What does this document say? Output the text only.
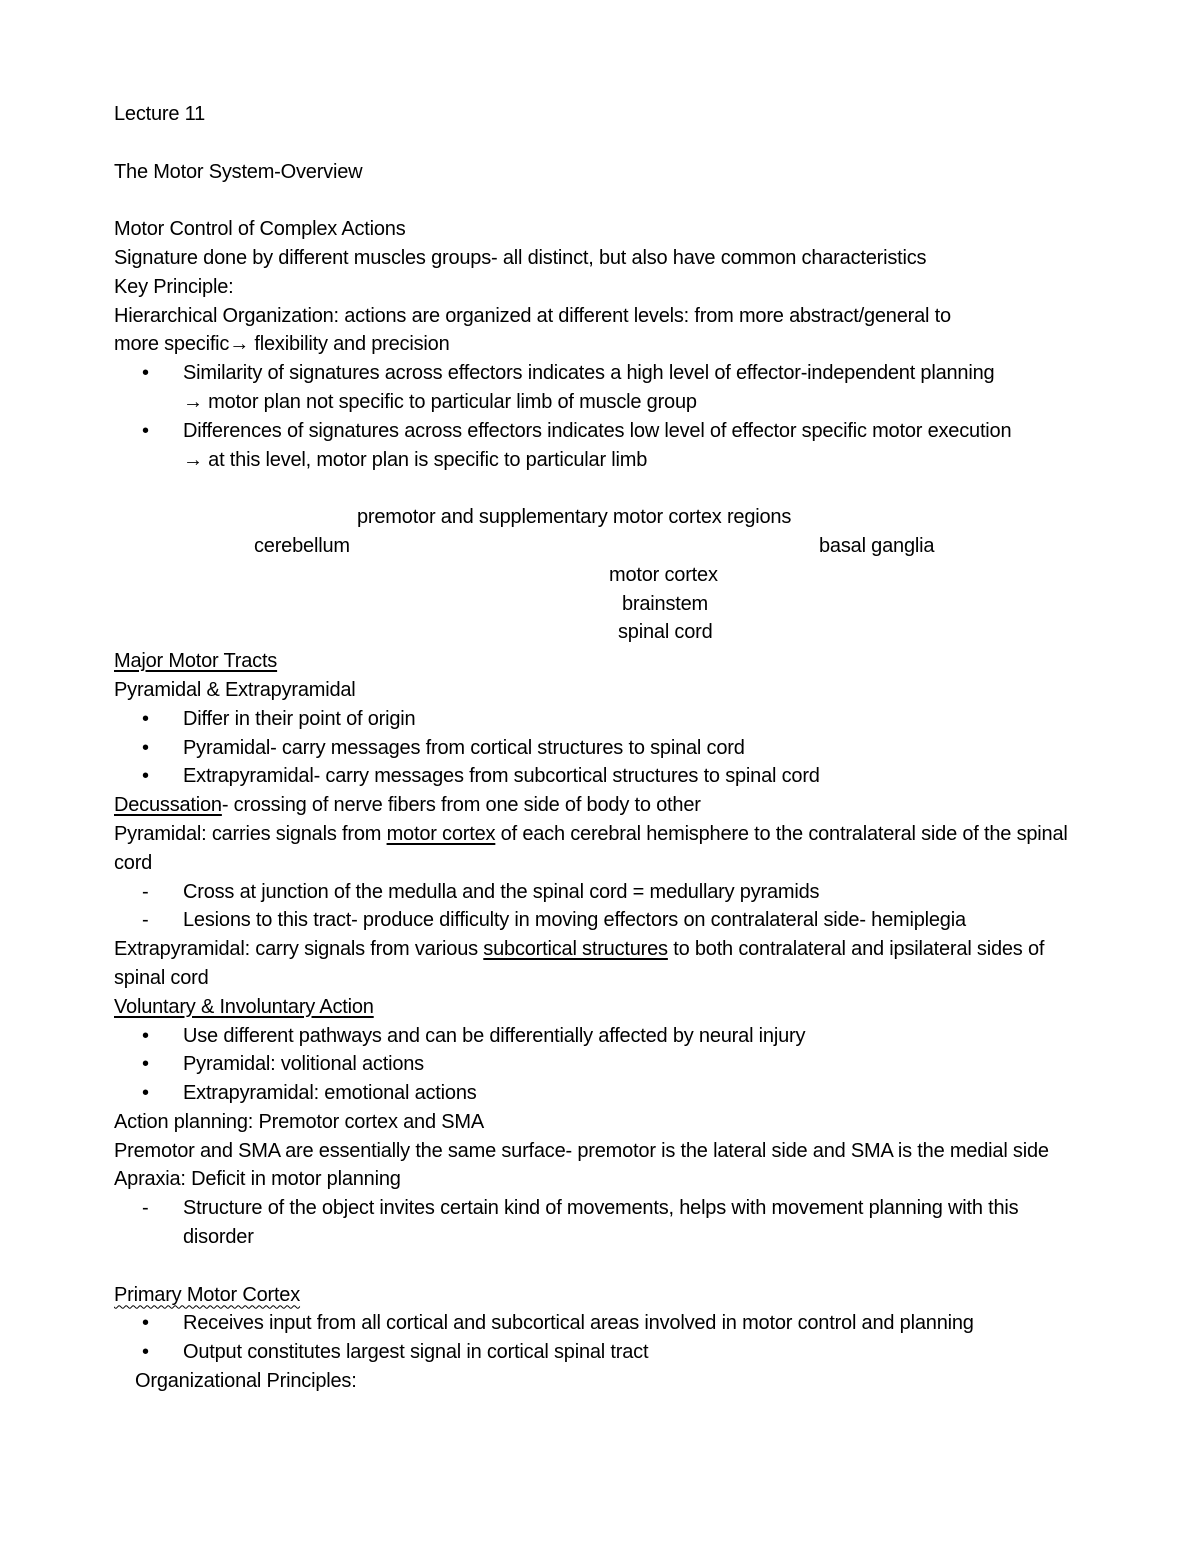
Lecture 11
The Motor System-Overview
Motor Control of Complex Actions
Signature done by different muscles groups- all distinct, but also have common characteristics
Key Principle:
Hierarchical Organization: actions are organized at different levels: from more abstract/general to
more specific→ flexibility and precision
• Similarity of signatures across effectors indicates a high level of effector-independent planning
→ motor plan not specific to particular limb of muscle group
• Differences of signatures across effectors indicates low level of effector specific motor execution
→ at this level, motor plan is specific to particular limb
premotor and supplementary motor cortex regions
cerebellum	basal ganglia
motor cortex
brainstem
spinal cord
Major Motor Tracts
Pyramidal & Extrapyramidal
• Differ in their point of origin
• Pyramidal- carry messages from cortical structures to spinal cord
• Extrapyramidal- carry messages from subcortical structures to spinal cord
Decussation- crossing of nerve fibers from one side of body to other
Pyramidal: carries signals from motor cortex of each cerebral hemisphere to the contralateral side of the spinal cord
- Cross at junction of the medulla and the spinal cord = medullary pyramids
- Lesions to this tract- produce difficulty in moving effectors on contralateral side- hemiplegia
Extrapyramidal: carry signals from various subcortical structures to both contralateral and ipsilateral sides of spinal cord
Voluntary & Involuntary Action
• Use different pathways and can be differentially affected by neural injury
• Pyramidal: volitional actions
• Extrapyramidal: emotional actions
Action planning: Premotor cortex and SMA
Premotor and SMA are essentially the same surface- premotor is the lateral side and SMA is the medial side
Apraxia: Deficit in motor planning
- Structure of the object invites certain kind of movements, helps with movement planning with this disorder
Primary Motor Cortex
• Receives input from all cortical and subcortical areas involved in motor control and planning
• Output constitutes largest signal in cortical spinal tract
Organizational Principles:
